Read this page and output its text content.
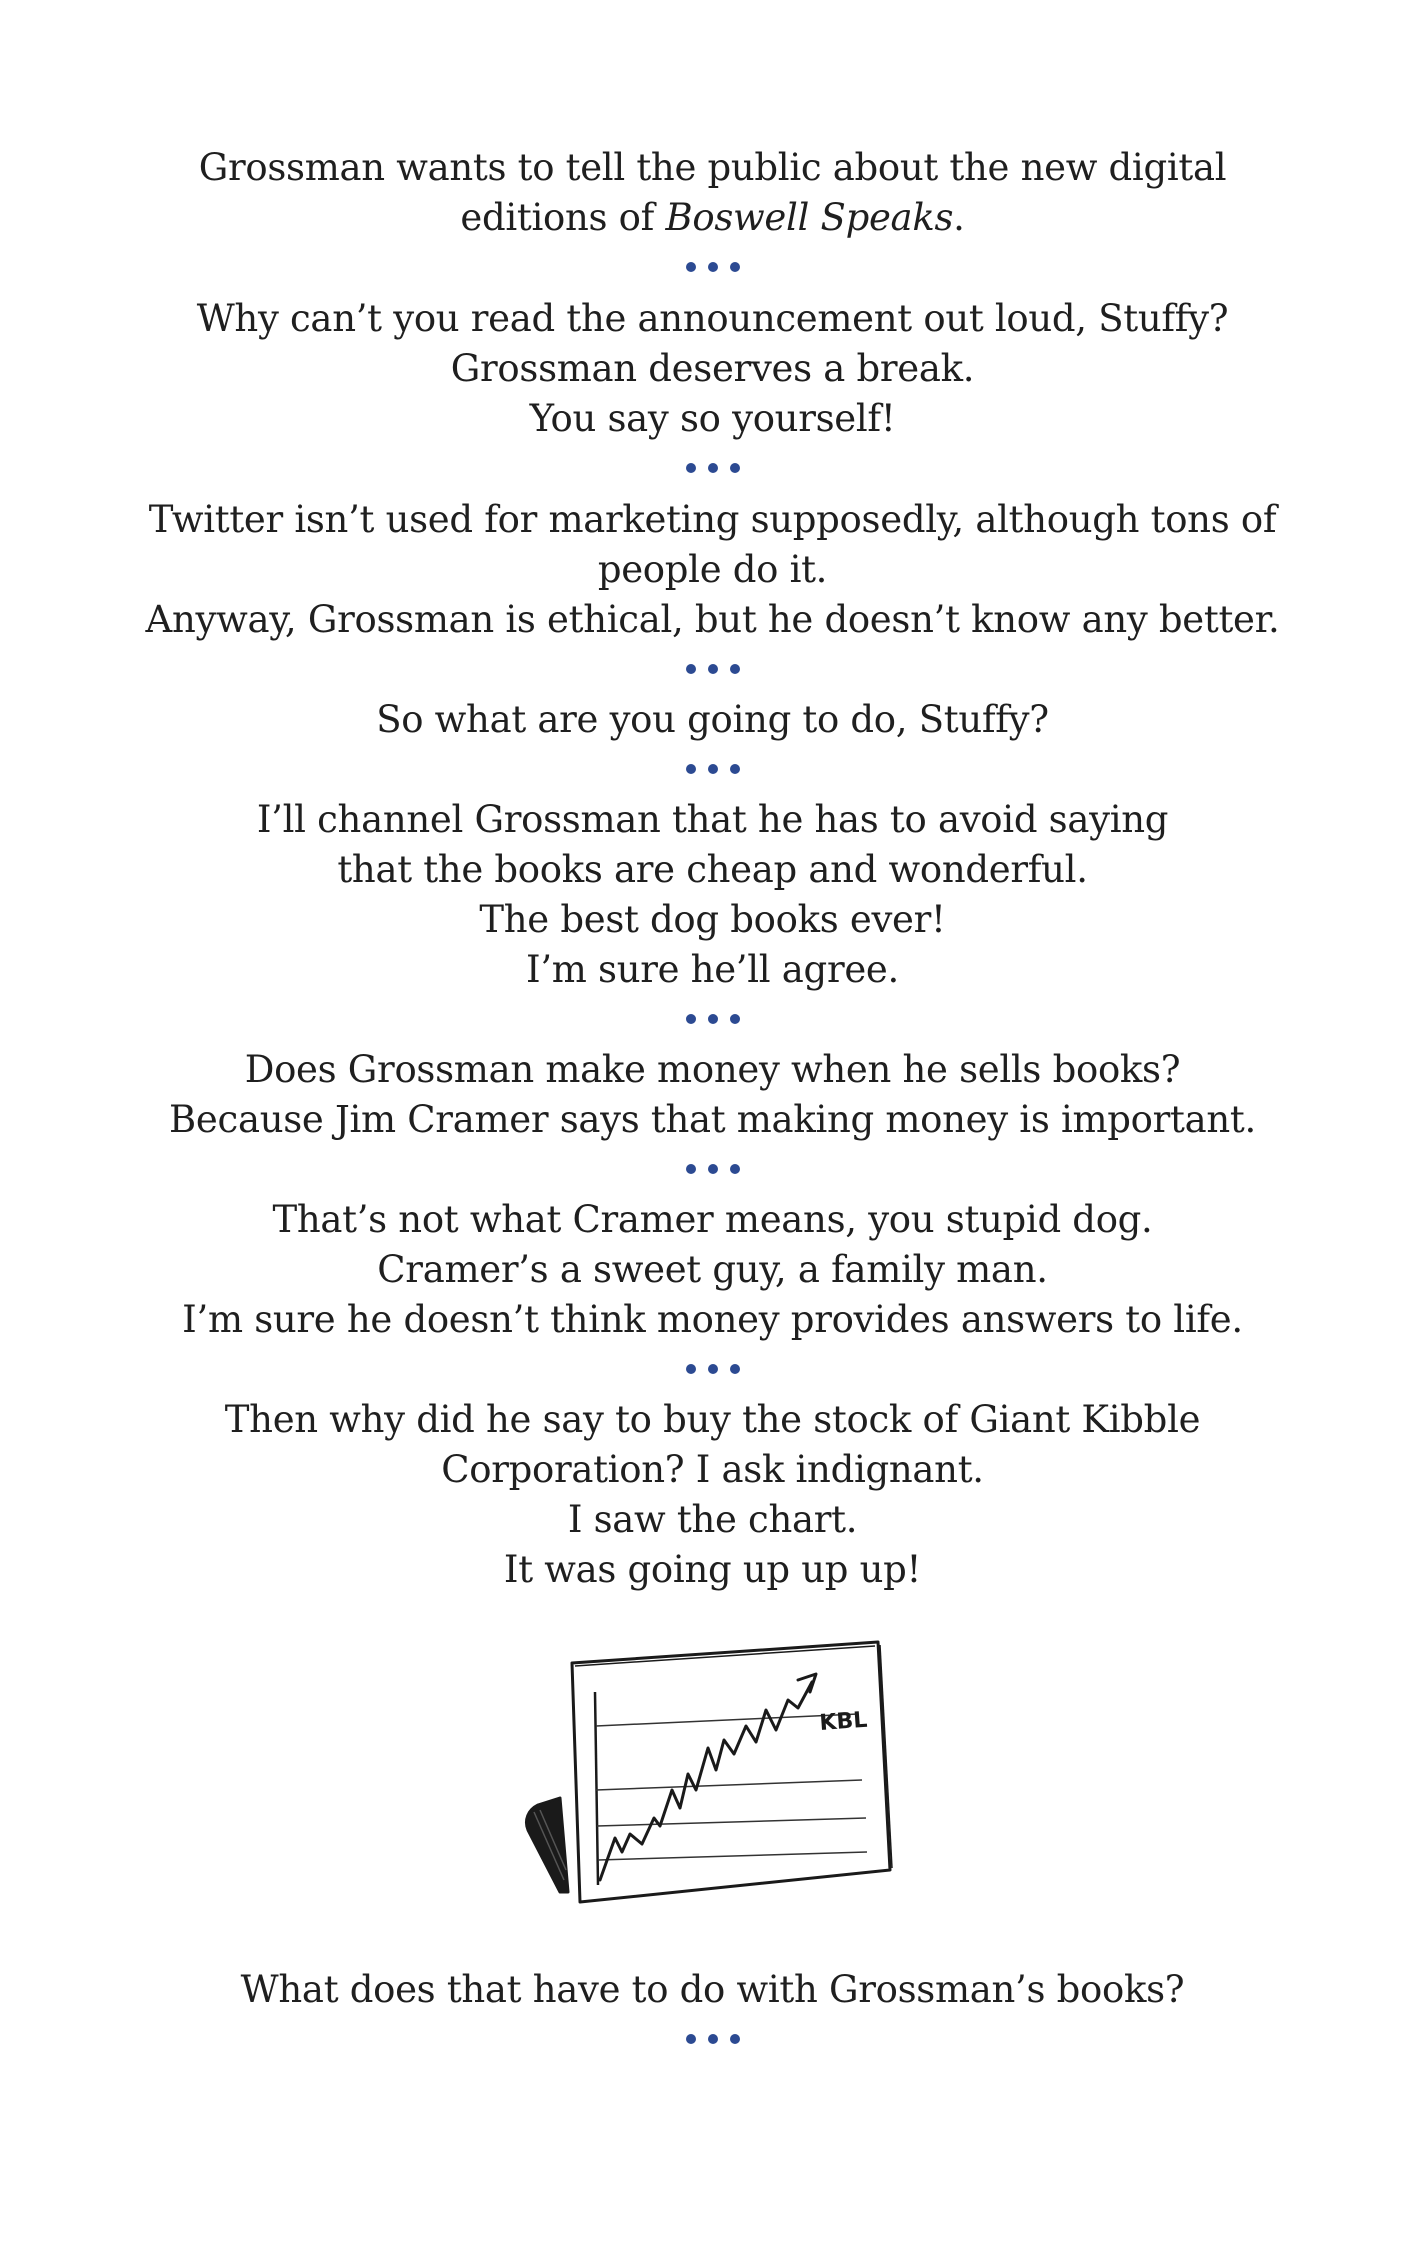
Grossman wants to tell the public about the new digital
editions of Boswell Speaks.
Why can’t you read the announcement out loud, Stuffy?
Grossman deserves a break.
You say so yourself!
Twitter isn’t used for marketing supposedly, although tons of
people do it.
Anyway, Grossman is ethical, but he doesn’t know any better.
So what are you going to do, Stuffy?
I’ll channel Grossman that he has to avoid saying
that the books are cheap and wonderful.
The best dog books ever!
I’m sure he’ll agree.
Does Grossman make money when he sells books?
Because Jim Cramer says that making money is important.
That’s not what Cramer means, you stupid dog.
Cramer’s a sweet guy, a family man.
I’m sure he doesn’t think money provides answers to life.
Then why did he say to buy the stock of Giant Kibble
Corporation? I ask indignant.
I saw the chart.
It was going up up up!
KBL
What does that have to do with Grossman’s books?
